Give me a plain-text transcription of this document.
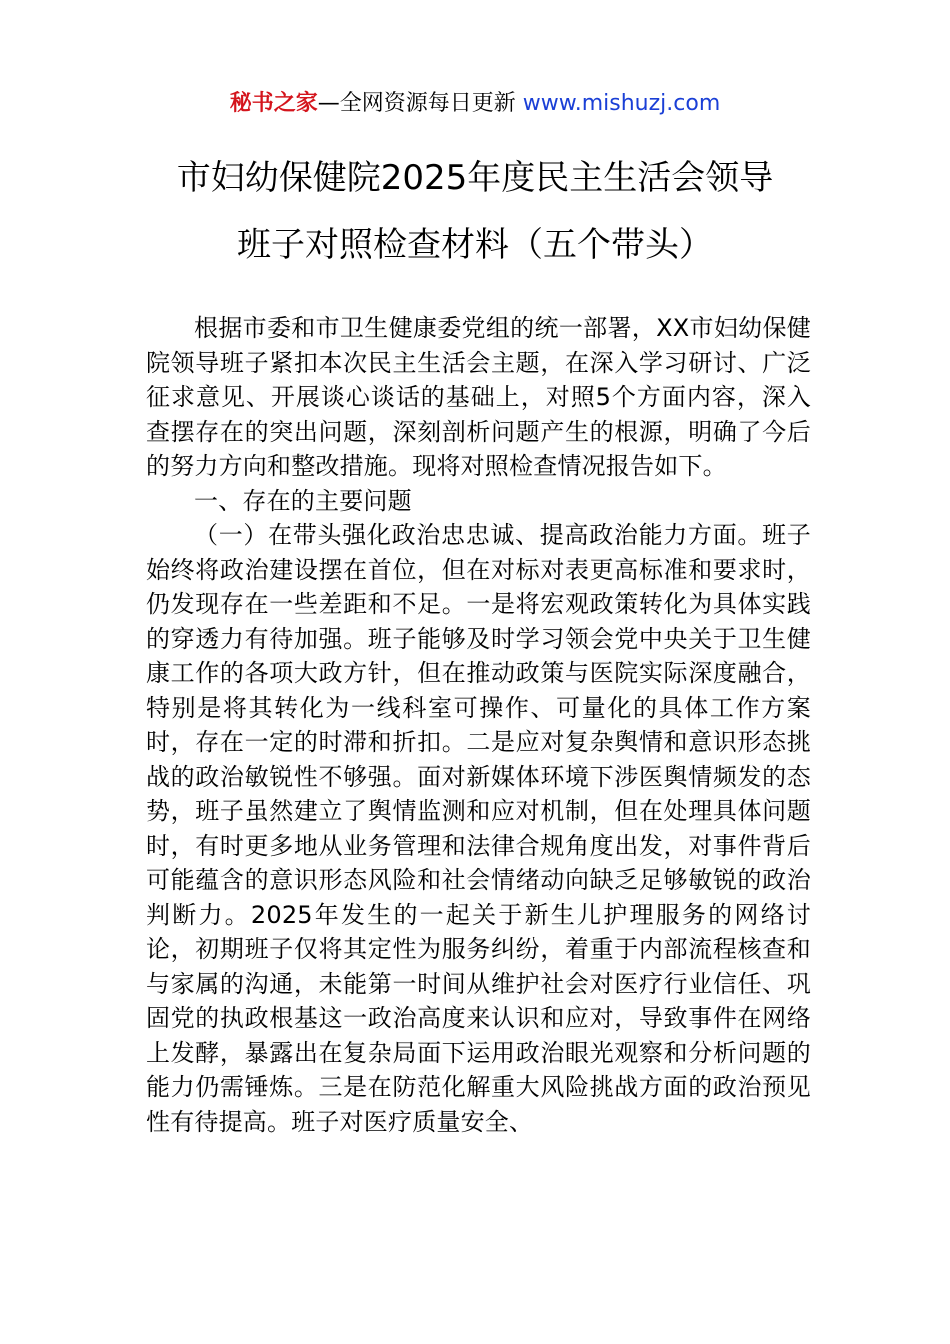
秘书之家—全网资源每日更新 www.mishuzj.com
市妇幼保健院2025年度民主生活会领导
班子对照检查材料（五个带头）

根据市委和市卫生健康委党组的统一部署，XX市妇幼保健院领导班子紧扣本次民主生活会主题，在深入学习研讨、广泛征求意见、开展谈心谈话的基础上，对照5个方面内容，深入查摆存在的突出问题，深刻剖析问题产生的根源，明确了今后的努力方向和整改措施。现将对照检查情况报告如下。

一、存在的主要问题

（一）在带头强化政治忠忠诚、提高政治能力方面。班子始终将政治建设摆在首位，但在对标对表更高标准和要求时，仍发现存在一些差距和不足。一是将宏观政策转化为具体实践的穿透力有待加强。班子能够及时学习领会党中央关于卫生健康工作的各项大政方针，但在推动政策与医院实际深度融合，特别是将其转化为一线科室可操作、可量化的具体工作方案时，存在一定的时滞和折扣。二是应对复杂舆情和意识形态挑战的政治敏锐性不够强。面对新媒体环境下涉医舆情频发的态势，班子虽然建立了舆情监测和应对机制，但在处理具体问题时，有时更多地从业务管理和法律合规角度出发，对事件背后可能蕴含的意识形态风险和社会情绪动向缺乏足够敏锐的政治判断力。2025年发生的一起关于新生儿护理服务的网络讨论，初期班子仅将其定性为服务纠纷，着重于内部流程核查和与家属的沟通，未能第一时间从维护社会对医疗行业信任、巩固党的执政根基这一政治高度来认识和应对，导致事件在网络上发酵，暴露出在复杂局面下运用政治眼光观察和分析问题的能力仍需锤炼。三是在防范化解重大风险挑战方面的政治预见性有待提高。班子对医疗质量安全、
